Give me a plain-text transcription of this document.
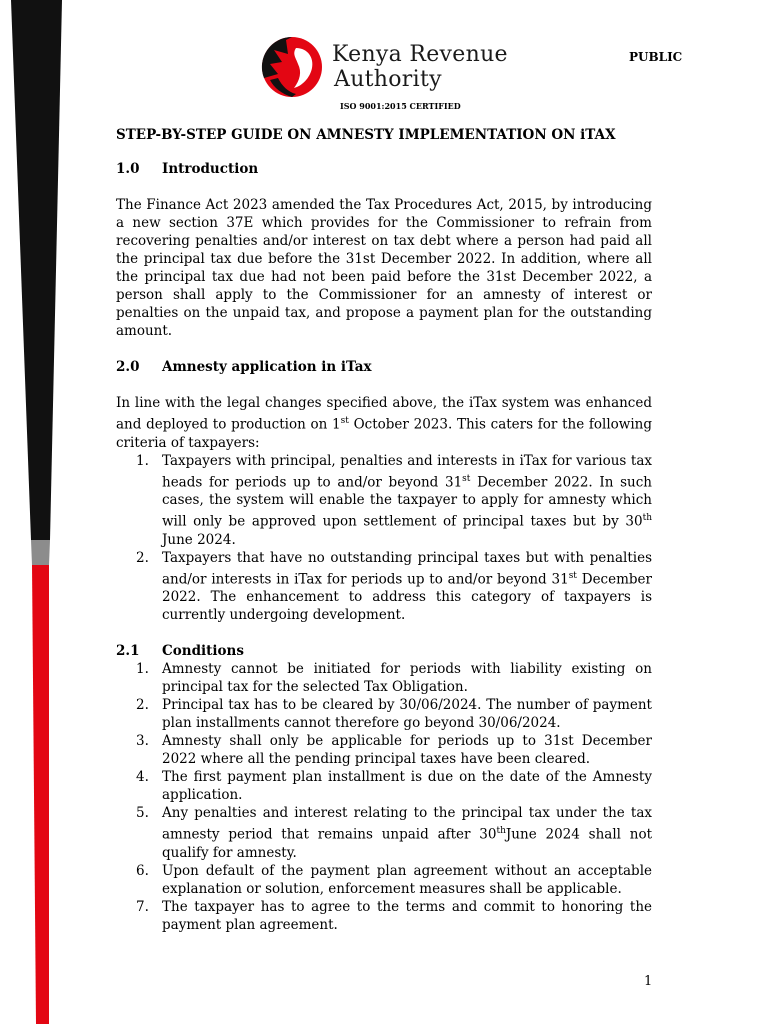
PUBLIC
Kenya Revenue
Authority
ISO 9001:2015 CERTIFIED
STEP-BY-STEP GUIDE ON AMNESTY IMPLEMENTATION ON iTAX
1.0 Introduction

The Finance Act 2023 amended the Tax Procedures Act, 2015, by introducing a new section 37E which provides for the Commissioner to refrain from recovering penalties and/or interest on tax debt where a person had paid all the principal tax due before the 31st December 2022. In addition, where all the principal tax due had not been paid before the 31st December 2022, a person shall apply to the Commissioner for an amnesty of interest or penalties on the unpaid tax, and propose a payment plan for the outstanding amount.

2.0 Amnesty application in iTax

In line with the legal changes specified above, the iTax system was enhanced and deployed to production on 1st October 2023. This caters for the following criteria of taxpayers:

1. Taxpayers with principal, penalties and interests in iTax for various tax heads for periods up to and/or beyond 31st December 2022. In such cases, the system will enable the taxpayer to apply for amnesty which will only be approved upon settlement of principal taxes but by 30th June 2024.
2. Taxpayers that have no outstanding principal taxes but with penalties and/or interests in iTax for periods up to and/or beyond 31st December 2022. The enhancement to address this category of taxpayers is currently undergoing development.
2.1 Conditions
1. Amnesty cannot be initiated for periods with liability existing on principal tax for the selected Tax Obligation.
2. Principal tax has to be cleared by 30/06/2024. The number of payment plan installments cannot therefore go beyond 30/06/2024.
3. Amnesty shall only be applicable for periods up to 31st December 2022 where all the pending principal taxes have been cleared.
4. The first payment plan installment is due on the date of the Amnesty application.
5. Any penalties and interest relating to the principal tax under the tax amnesty period that remains unpaid after 30thJune 2024 shall not qualify for amnesty.
6. Upon default of the payment plan agreement without an acceptable explanation or solution, enforcement measures shall be applicable.
7. The taxpayer has to agree to the terms and commit to honoring the payment plan agreement.
1
